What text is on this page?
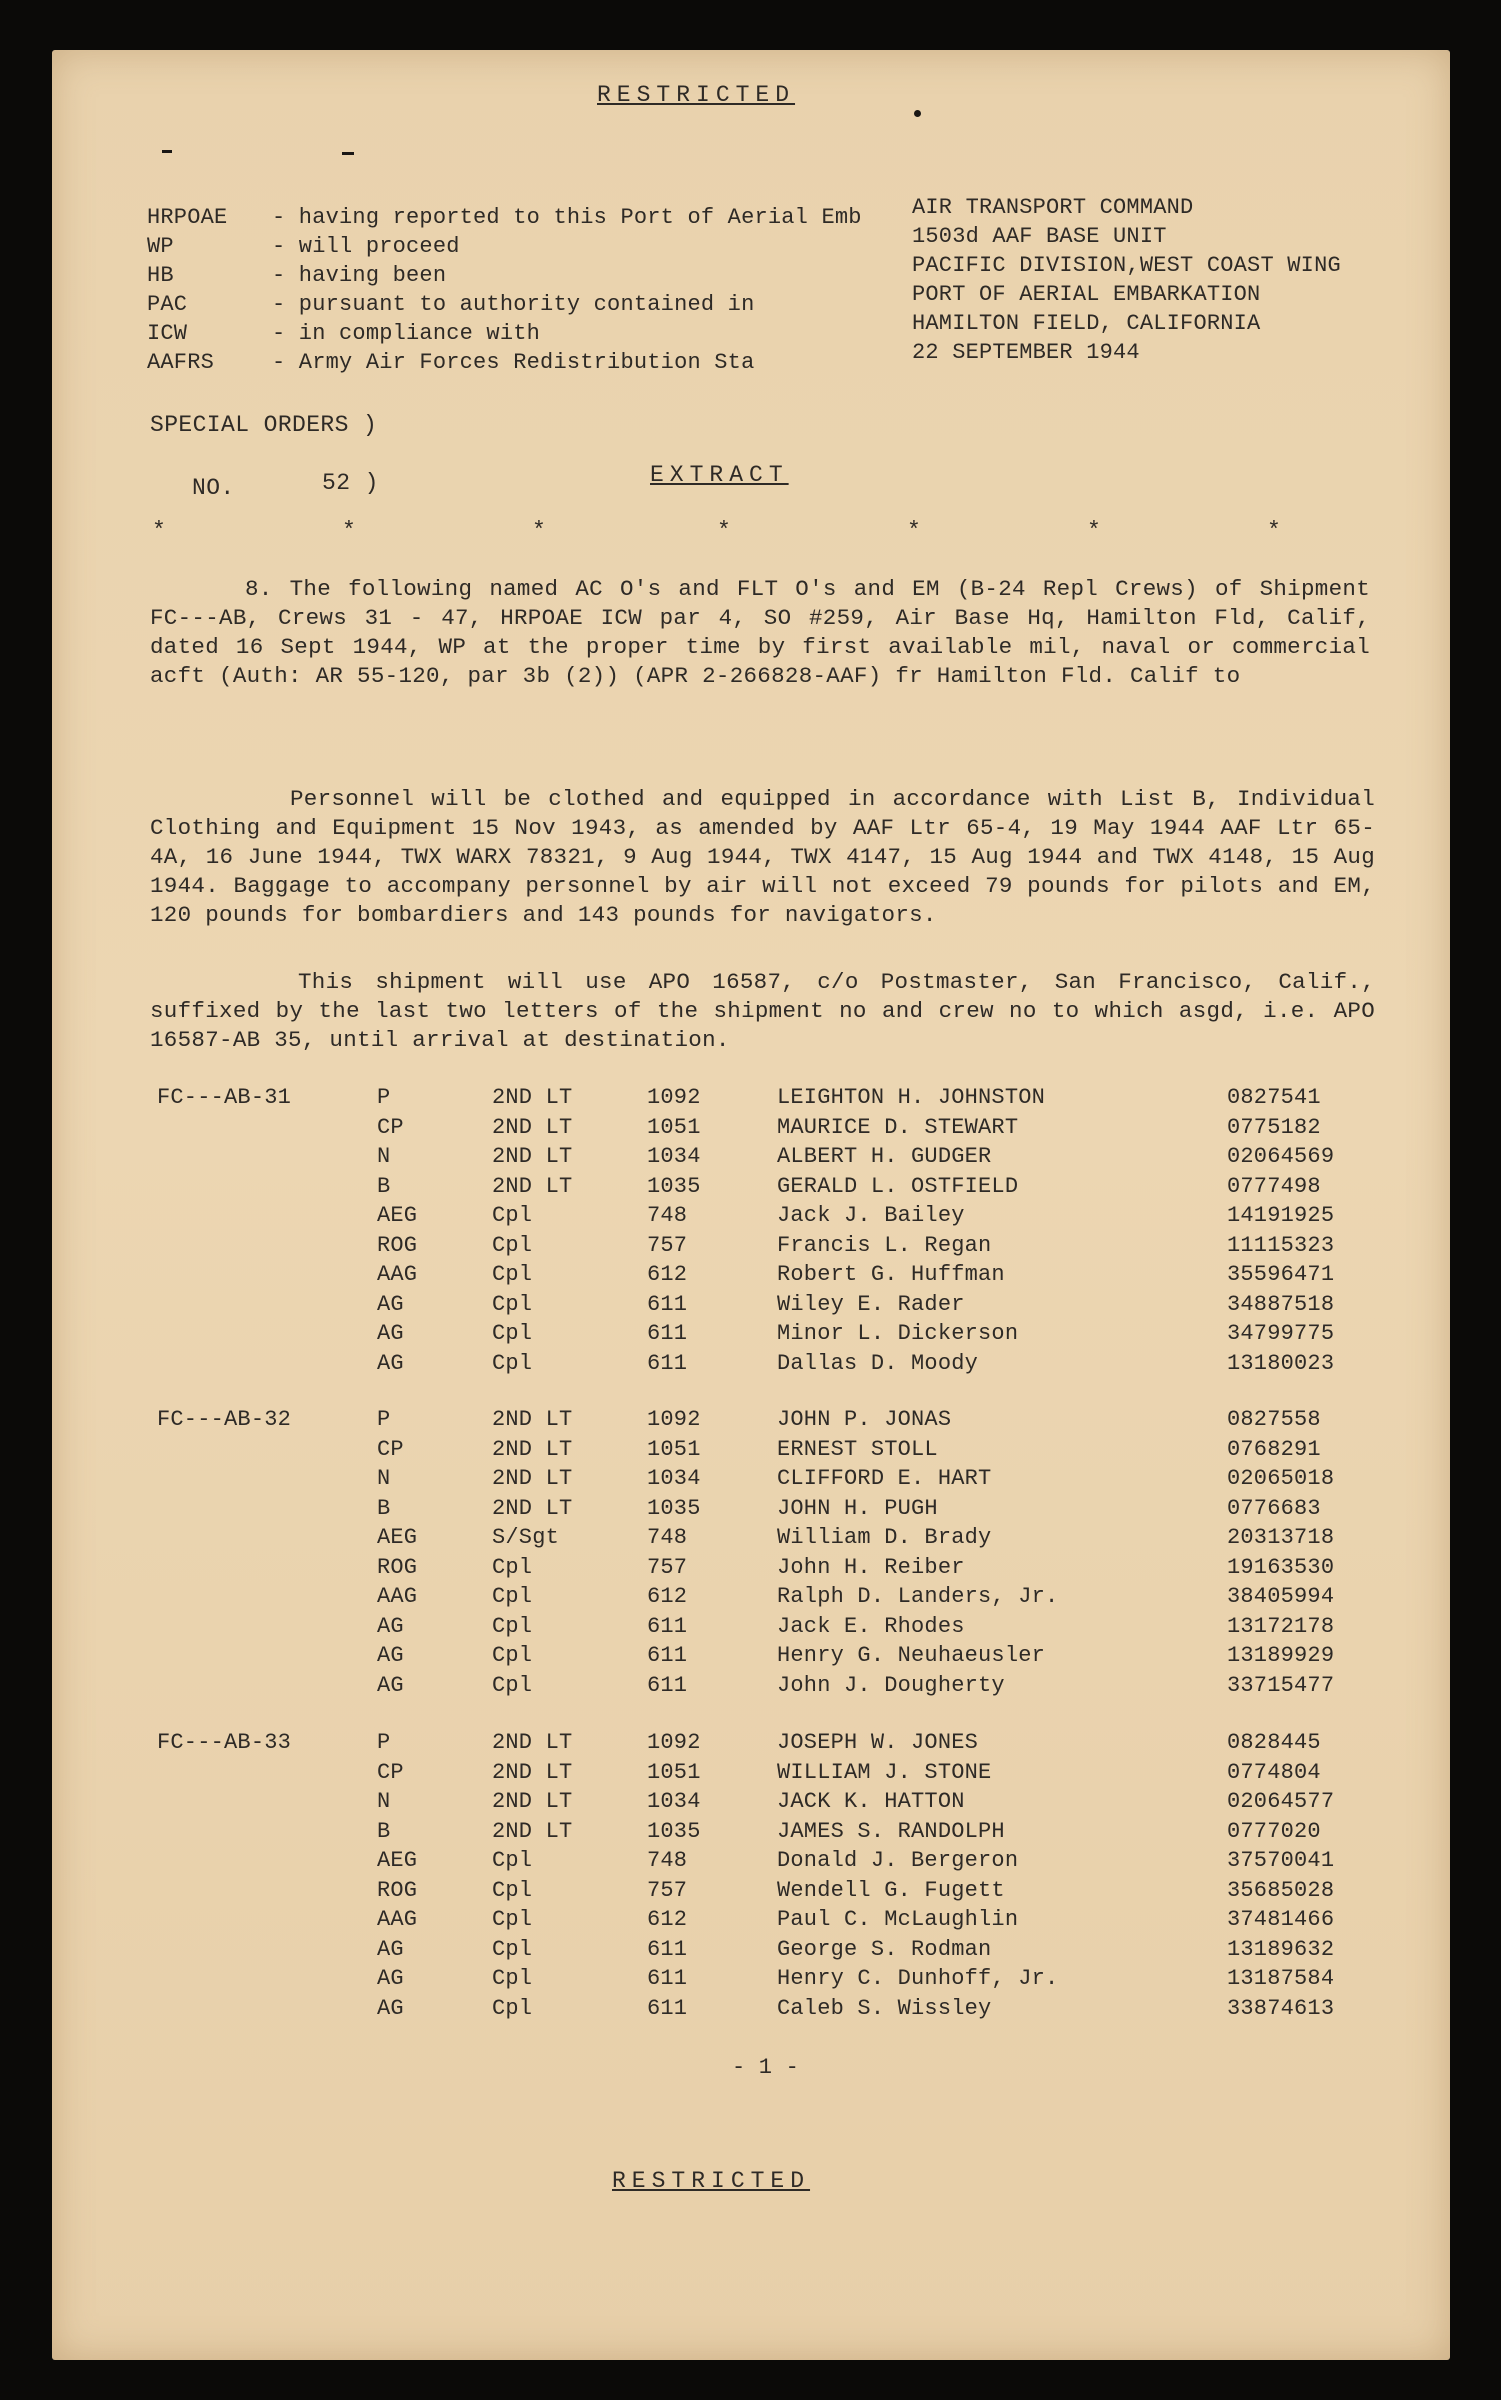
RESTRICTED
HRPOAE - having reported to this Port of Aerial Emb
WP	- will proceed
HB	- having been
PAC	- pursuant to authority contained in
ICW	- in compliance with
AAFRS	- Army Air Forces Redistribution Sta
AIR TRANSPORT COMMAND
1503d AAF BASE UNIT
PACIFIC DIVISION,WEST COAST WING
PORT OF AERIAL EMBARKATION
HAMILTON FIELD, CALIFORNIA
22 SEPTEMBER 1944
SPECIAL ORDERS )
NO.	52 )	EXTRACT
*	*	*	*	*	*	*
8. The following named AC O's and FLT O's and EM (B-24 Repl Crews) of Shipment FC---AB, Crews 31 - 47, HRPOAE ICW par 4, SO #259, Air Base Hq, Hamilton Fld, Calif, dated 16 Sept 1944, WP at the proper time by first available mil, naval or commercial acft (Auth: AR 55-120, par 3b (2)) (APR 2-266828-AAF) fr Hamilton Fld. Calif to
Personnel will be clothed and equipped in accordance with List B, Individual Clothing and Equipment 15 Nov 1943, as amended by AAF Ltr 65-4, 19 May 1944 AAF Ltr 65-4A, 16 June 1944, TWX WARX 78321, 9 Aug 1944, TWX 4147, 15 Aug 1944 and TWX 4148, 15 Aug 1944. Baggage to accompany personnel by air will not exceed 79 pounds for pilots and EM, 120 pounds for bombardiers and 143 pounds for navigators.
This shipment will use APO 16587, c/o Postmaster, San Francisco, Calif., suffixed by the last two letters of the shipment no and crew no to which asgd, i.e. APO 16587-AB 35, until arrival at destination.
FC---AB-31	P	2ND LT	1092	LEIGHTON H. JOHNSTON	0827541
CP	2ND LT	1051	MAURICE D. STEWART	0775182
N	2ND LT	1034	ALBERT H. GUDGER	02064569
B	2ND LT	1035	GERALD L. OSTFIELD	0777498
AEG	Cpl	748	Jack J. Bailey	14191925
ROG	Cpl	757	Francis L. Regan	11115323
AAG	Cpl	612	Robert G. Huffman	35596471
AG	Cpl	611	Wiley E. Rader	34887518
AG	Cpl	611	Minor L. Dickerson	34799775
AG	Cpl	611	Dallas D. Moody	13180023
FC---AB-32	P	2ND LT	1092	JOHN P. JONAS	0827558
CP	2ND LT	1051	ERNEST STOLL	0768291
N	2ND LT	1034	CLIFFORD E. HART	02065018
B	2ND LT	1035	JOHN H. PUGH	0776683
AEG	S/Sgt	748	William D. Brady	20313718
ROG	Cpl	757	John H. Reiber	19163530
AAG	Cpl	612	Ralph D. Landers, Jr.	38405994
AG	Cpl	611	Jack E. Rhodes	13172178
AG	Cpl	611	Henry G. Neuhaeusler	13189929
AG	Cpl	611	John J. Dougherty	33715477
FC---AB-33	P	2ND LT	1092	JOSEPH W. JONES	0828445
CP	2ND LT	1051	WILLIAM J. STONE	0774804
N	2ND LT	1034	JACK K. HATTON	02064577
B	2ND LT	1035	JAMES S. RANDOLPH	0777020
AEG	Cpl	748	Donald J. Bergeron	37570041
ROG	Cpl	757	Wendell G. Fugett	35685028
AAG	Cpl	612	Paul C. McLaughlin	37481466
AG	Cpl	611	George S. Rodman	13189632
AG	Cpl	611	Henry C. Dunhoff, Jr.	13187584
AG	Cpl	611	Caleb S. Wissley	33874613
- 1 -
RESTRICTED
